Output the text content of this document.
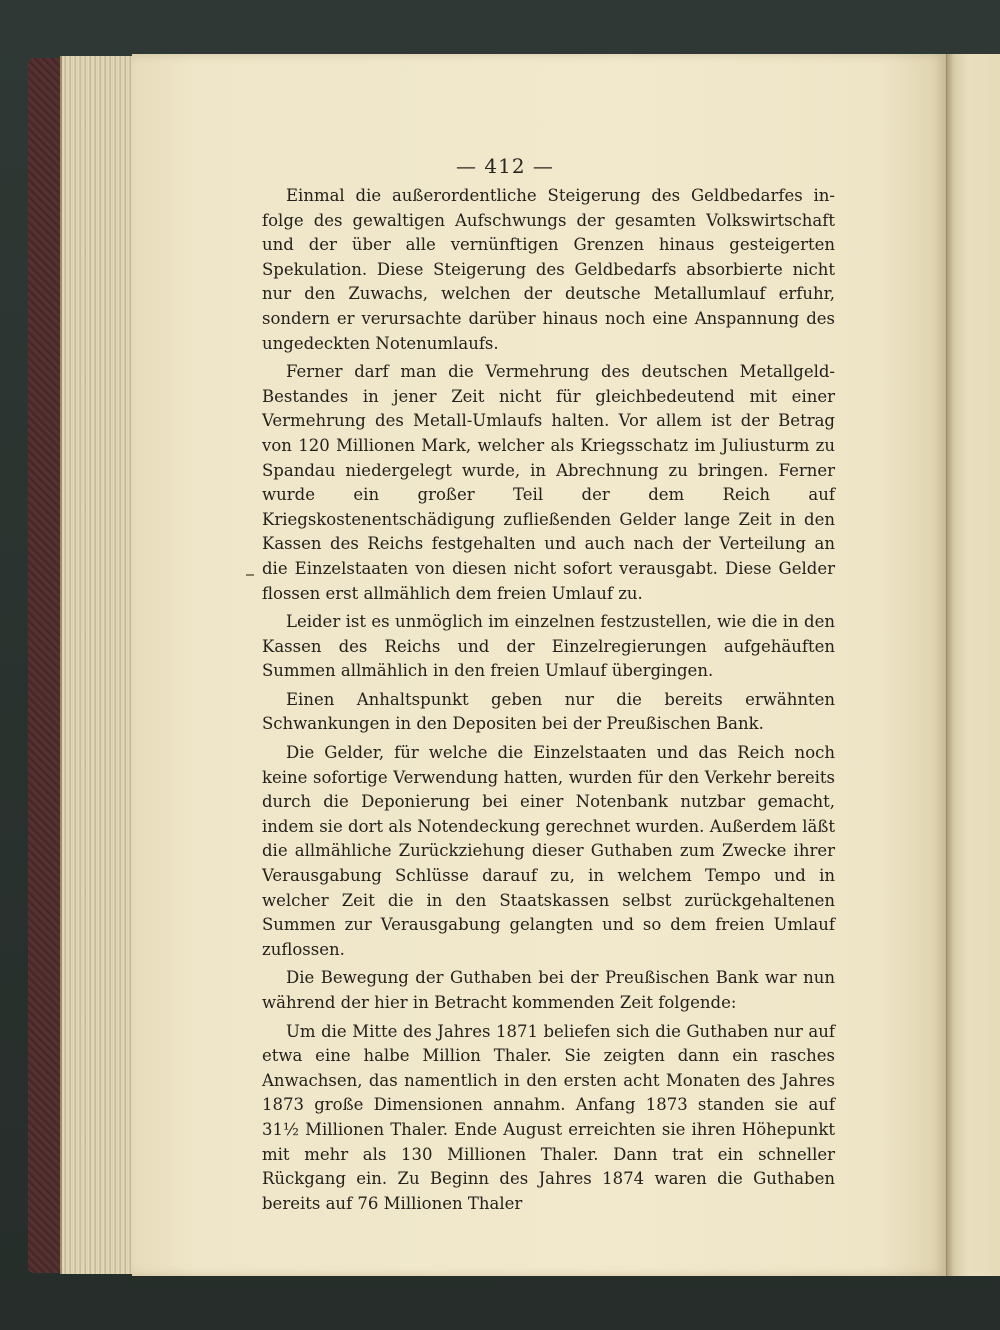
— 412 —

Einmal die außerordentliche Steigerung des Geldbedarfes in-folge des gewaltigen Aufschwungs der gesamten Volkswirtschaft und der über alle vernünftigen Grenzen hinaus gesteigerten Spekulation. Diese Steigerung des Geldbedarfs absorbierte nicht nur den Zuwachs, welchen der deutsche Metallumlauf erfuhr, sondern er verursachte darüber hinaus noch eine Anspannung des ungedeckten Notenumlaufs.

Ferner darf man die Vermehrung des deutschen Metallgeld-Bestandes in jener Zeit nicht für gleichbedeutend mit einer Vermehrung des Metall-Umlaufs halten. Vor allem ist der Betrag von 120 Millionen Mark, welcher als Kriegsschatz im Juliusturm zu Spandau niedergelegt wurde, in Abrechnung zu bringen. Ferner wurde ein großer Teil der dem Reich auf Kriegskostenentschädigung zufließenden Gelder lange Zeit in den Kassen des Reichs festgehalten und auch nach der Verteilung an die Einzelstaaten von diesen nicht sofort verausgabt. Diese Gelder flossen erst allmählich dem freien Umlauf zu.

Leider ist es unmöglich im einzelnen festzustellen, wie die in den Kassen des Reichs und der Einzelregierungen aufgehäuften Summen allmählich in den freien Umlauf übergingen.

Einen Anhaltspunkt geben nur die bereits erwähnten Schwankungen in den Depositen bei der Preußischen Bank.

Die Gelder, für welche die Einzelstaaten und das Reich noch keine sofortige Verwendung hatten, wurden für den Verkehr bereits durch die Deponierung bei einer Notenbank nutzbar gemacht, indem sie dort als Notendeckung gerechnet wurden. Außerdem läßt die allmähliche Zurückziehung dieser Guthaben zum Zwecke ihrer Verausgabung Schlüsse darauf zu, in welchem Tempo und in welcher Zeit die in den Staatskassen selbst zurückgehaltenen Summen zur Verausgabung gelangten und so dem freien Umlauf zuflossen.

Die Bewegung der Guthaben bei der Preußischen Bank war nun während der hier in Betracht kommenden Zeit folgende:

Um die Mitte des Jahres 1871 beliefen sich die Guthaben nur auf etwa eine halbe Million Thaler. Sie zeigten dann ein rasches Anwachsen, das namentlich in den ersten acht Monaten des Jahres 1873 große Dimensionen annahm. Anfang 1873 standen sie auf 31½ Millionen Thaler. Ende August erreichten sie ihren Höhepunkt mit mehr als 130 Millionen Thaler. Dann trat ein schneller Rückgang ein. Zu Beginn des Jahres 1874 waren die Guthaben bereits auf 76 Millionen Thaler
